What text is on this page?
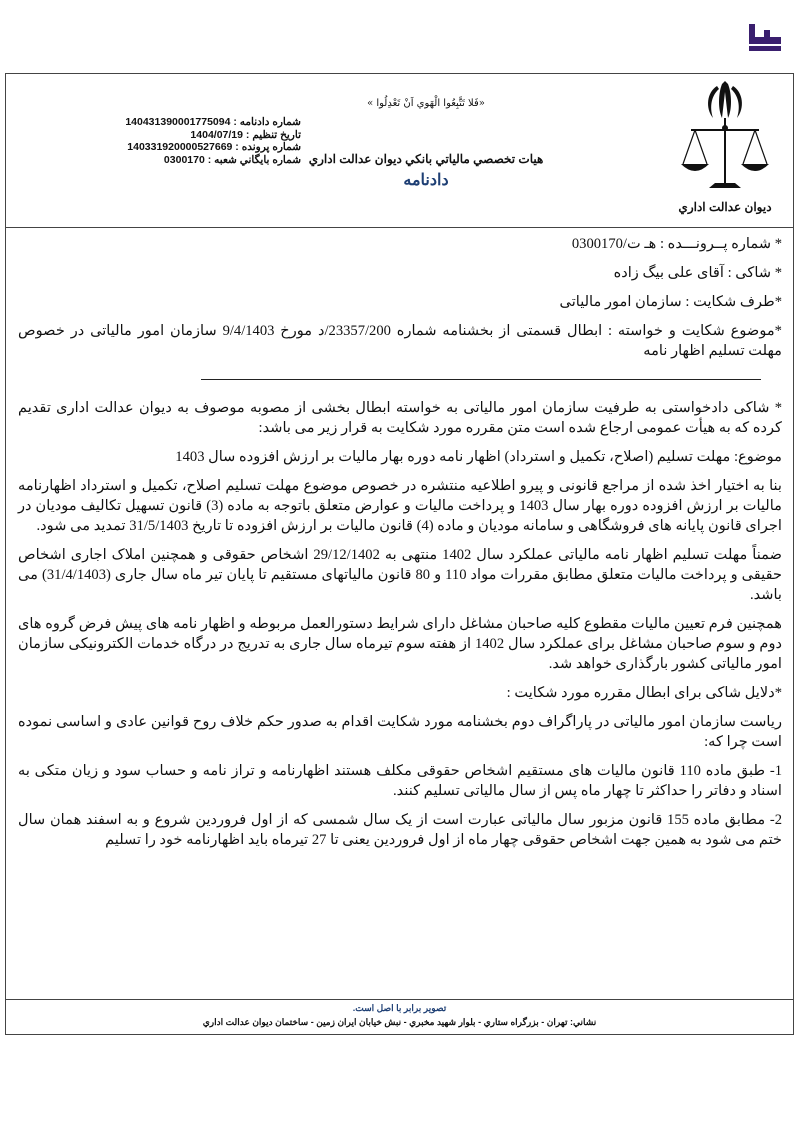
ديوان عدالت اداري
«فَلا تَتَّبِعُوا الْهَوي اَنْ تَعْدِلُوا »
هيات تخصصي مالياتي بانكي ديوان عدالت اداري
دادنامه
شماره دادنامه : 140431390001775094
تاريخ تنظيم : 1404/07/19
شماره پرونده : 140331920000527669
شماره بايگاني شعبه : 0300170

* شماره پــرونـــده : هـ ت/0300170

* شاکی : آقای علی بیگ زاده

*طرف شکایت : سازمان امور مالیاتی

*موضوع شکایت و خواسته : ابطال قسمتی از بخشنامه شماره 23357/200/د مورخ 9/4/1403 سازمان امور مالیاتی در خصوص مهلت تسلیم اظهار نامه

* شاکی دادخواستی به طرفیت سازمان امور مالیاتی به خواسته ابطال بخشی از مصوبه موصوف به دیوان عدالت اداری تقدیم کرده که به هیأت عمومی ارجاع شده است متن مقرره مورد شکایت به قرار زیر می باشد:

موضوع: مهلت تسلیم (اصلاح، تکمیل و استرداد) اظهار نامه دوره بهار مالیات بر ارزش افزوده سال 1403

بنا به اختیار اخذ شده از مراجع قانونی و پیرو اطلاعیه منتشره در خصوص موضوع مهلت تسلیم اصلاح، تکمیل و استرداد اظهارنامه مالیات بر ارزش افزوده دوره بهار سال 1403 و پرداخت مالیات و عوارض متعلق باتوجه به ماده (3) قانون تسهیل تکالیف مودیان در اجرای قانون پایانه های فروشگاهی و سامانه مودیان و ماده (4) قانون مالیات بر ارزش افزوده تا تاریخ 31/5/1403 تمدید می شود.

ضمناً مهلت تسلیم اظهار نامه مالیاتی عملکرد سال 1402 منتهی به 29/12/1402 اشخاص حقوقی و همچنین املاک اجاری اشخاص حقیقی و پرداخت مالیات متعلق مطابق مقررات مواد 110 و 80 قانون مالیاتهای مستقیم تا پایان تیر ماه سال جاری (31/4/1403) می باشد.

همچنین فرم تعیین مالیات مقطوع کلیه صاحبان مشاغل دارای شرایط دستورالعمل مربوطه و اظهار نامه های پیش فرض گروه های دوم و سوم صاحبان مشاغل برای عملکرد سال 1402 از هفته سوم تیرماه سال جاری به تدریج در درگاه خدمات الکترونیکی سازمان امور مالیاتی کشور بارگذاری خواهد شد.

*دلایل شاکی برای ابطال مقرره مورد شکایت :

ریاست سازمان امور مالیاتی در پاراگراف دوم بخشنامه مورد شکایت اقدام به صدور حکم خلاف روح قوانین عادی و اساسی نموده است چرا که:

1- طبق ماده 110 قانون مالیات های مستقیم اشخاص حقوقی مکلف هستند اظهارنامه و تراز نامه و حساب سود و زیان متکی به اسناد و دفاتر را حداکثر تا چهار ماه پس از سال مالیاتی تسلیم کنند.

2- مطابق ماده 155 قانون مزبور سال مالیاتی عبارت است از یک سال شمسی که از اول فروردین شروع و به اسفند همان سال ختم می شود به همین جهت اشخاص حقوقی چهار ماه از اول فروردین یعنی تا 27 تیرماه باید اظهارنامه خود را تسلیم

تصوير برابر با اصل است.
نشاني: تهران - بزرگراه ستاري - بلوار شهيد مخبري - نبش خيابان ايران زمين - ساختمان ديوان عدالت اداري
